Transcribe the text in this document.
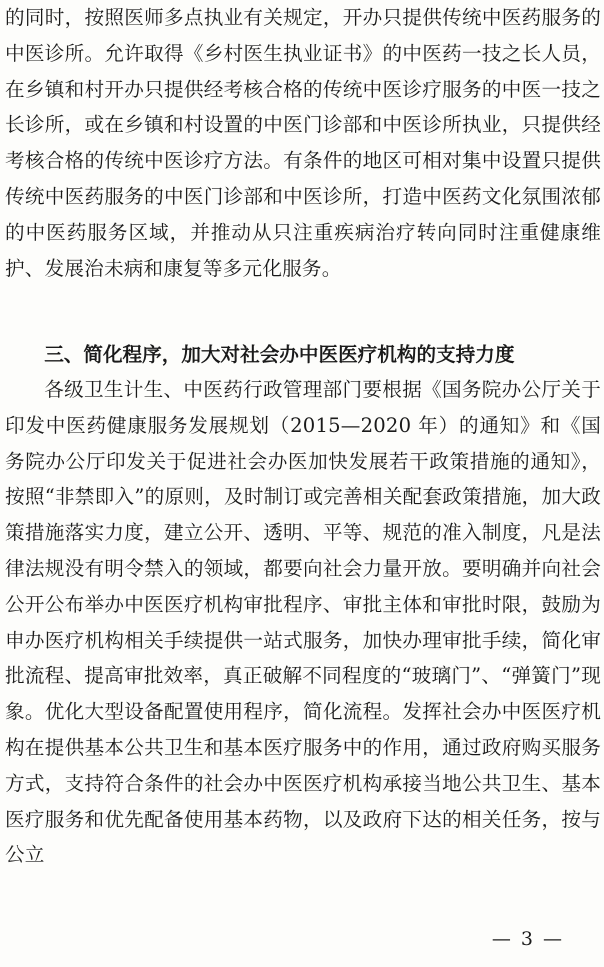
的同时，按照医师多点执业有关规定，开办只提供传统中医药服务的中医诊所。允许取得《乡村医生执业证书》的中医药一技之长人员，在乡镇和村开办只提供经考核合格的传统中医诊疗服务的中医一技之长诊所，或在乡镇和村设置的中医门诊部和中医诊所执业，只提供经考核合格的传统中医诊疗方法。有条件的地区可相对集中设置只提供传统中医药服务的中医门诊部和中医诊所，打造中医药文化氛围浓郁的中医药服务区域，并推动从只注重疾病治疗转向同时注重健康维护、发展治未病和康复等多元化服务。

三、简化程序，加大对社会办中医医疗机构的支持力度

各级卫生计生、中医药行政管理部门要根据《国务院办公厅关于印发中医药健康服务发展规划（2015—2020 年）的通知》和《国务院办公厅印发关于促进社会办医加快发展若干政策措施的通知》，按照“非禁即入”的原则，及时制订或完善相关配套政策措施，加大政策措施落实力度，建立公开、透明、平等、规范的准入制度，凡是法律法规没有明令禁入的领域，都要向社会力量开放。要明确并向社会公开公布举办中医医疗机构审批程序、审批主体和审批时限，鼓励为申办医疗机构相关手续提供一站式服务，加快办理审批手续，简化审批流程、提高审批效率，真正破解不同程度的“玻璃门”、“弹簧门”现象。优化大型设备配置使用程序，简化流程。发挥社会办中医医疗机构在提供基本公共卫生和基本医疗服务中的作用，通过政府购买服务方式，支持符合条件的社会办中医医疗机构承接当地公共卫生、基本医疗服务和优先配备使用基本药物，以及政府下达的相关任务，按与公立

— 3 —
